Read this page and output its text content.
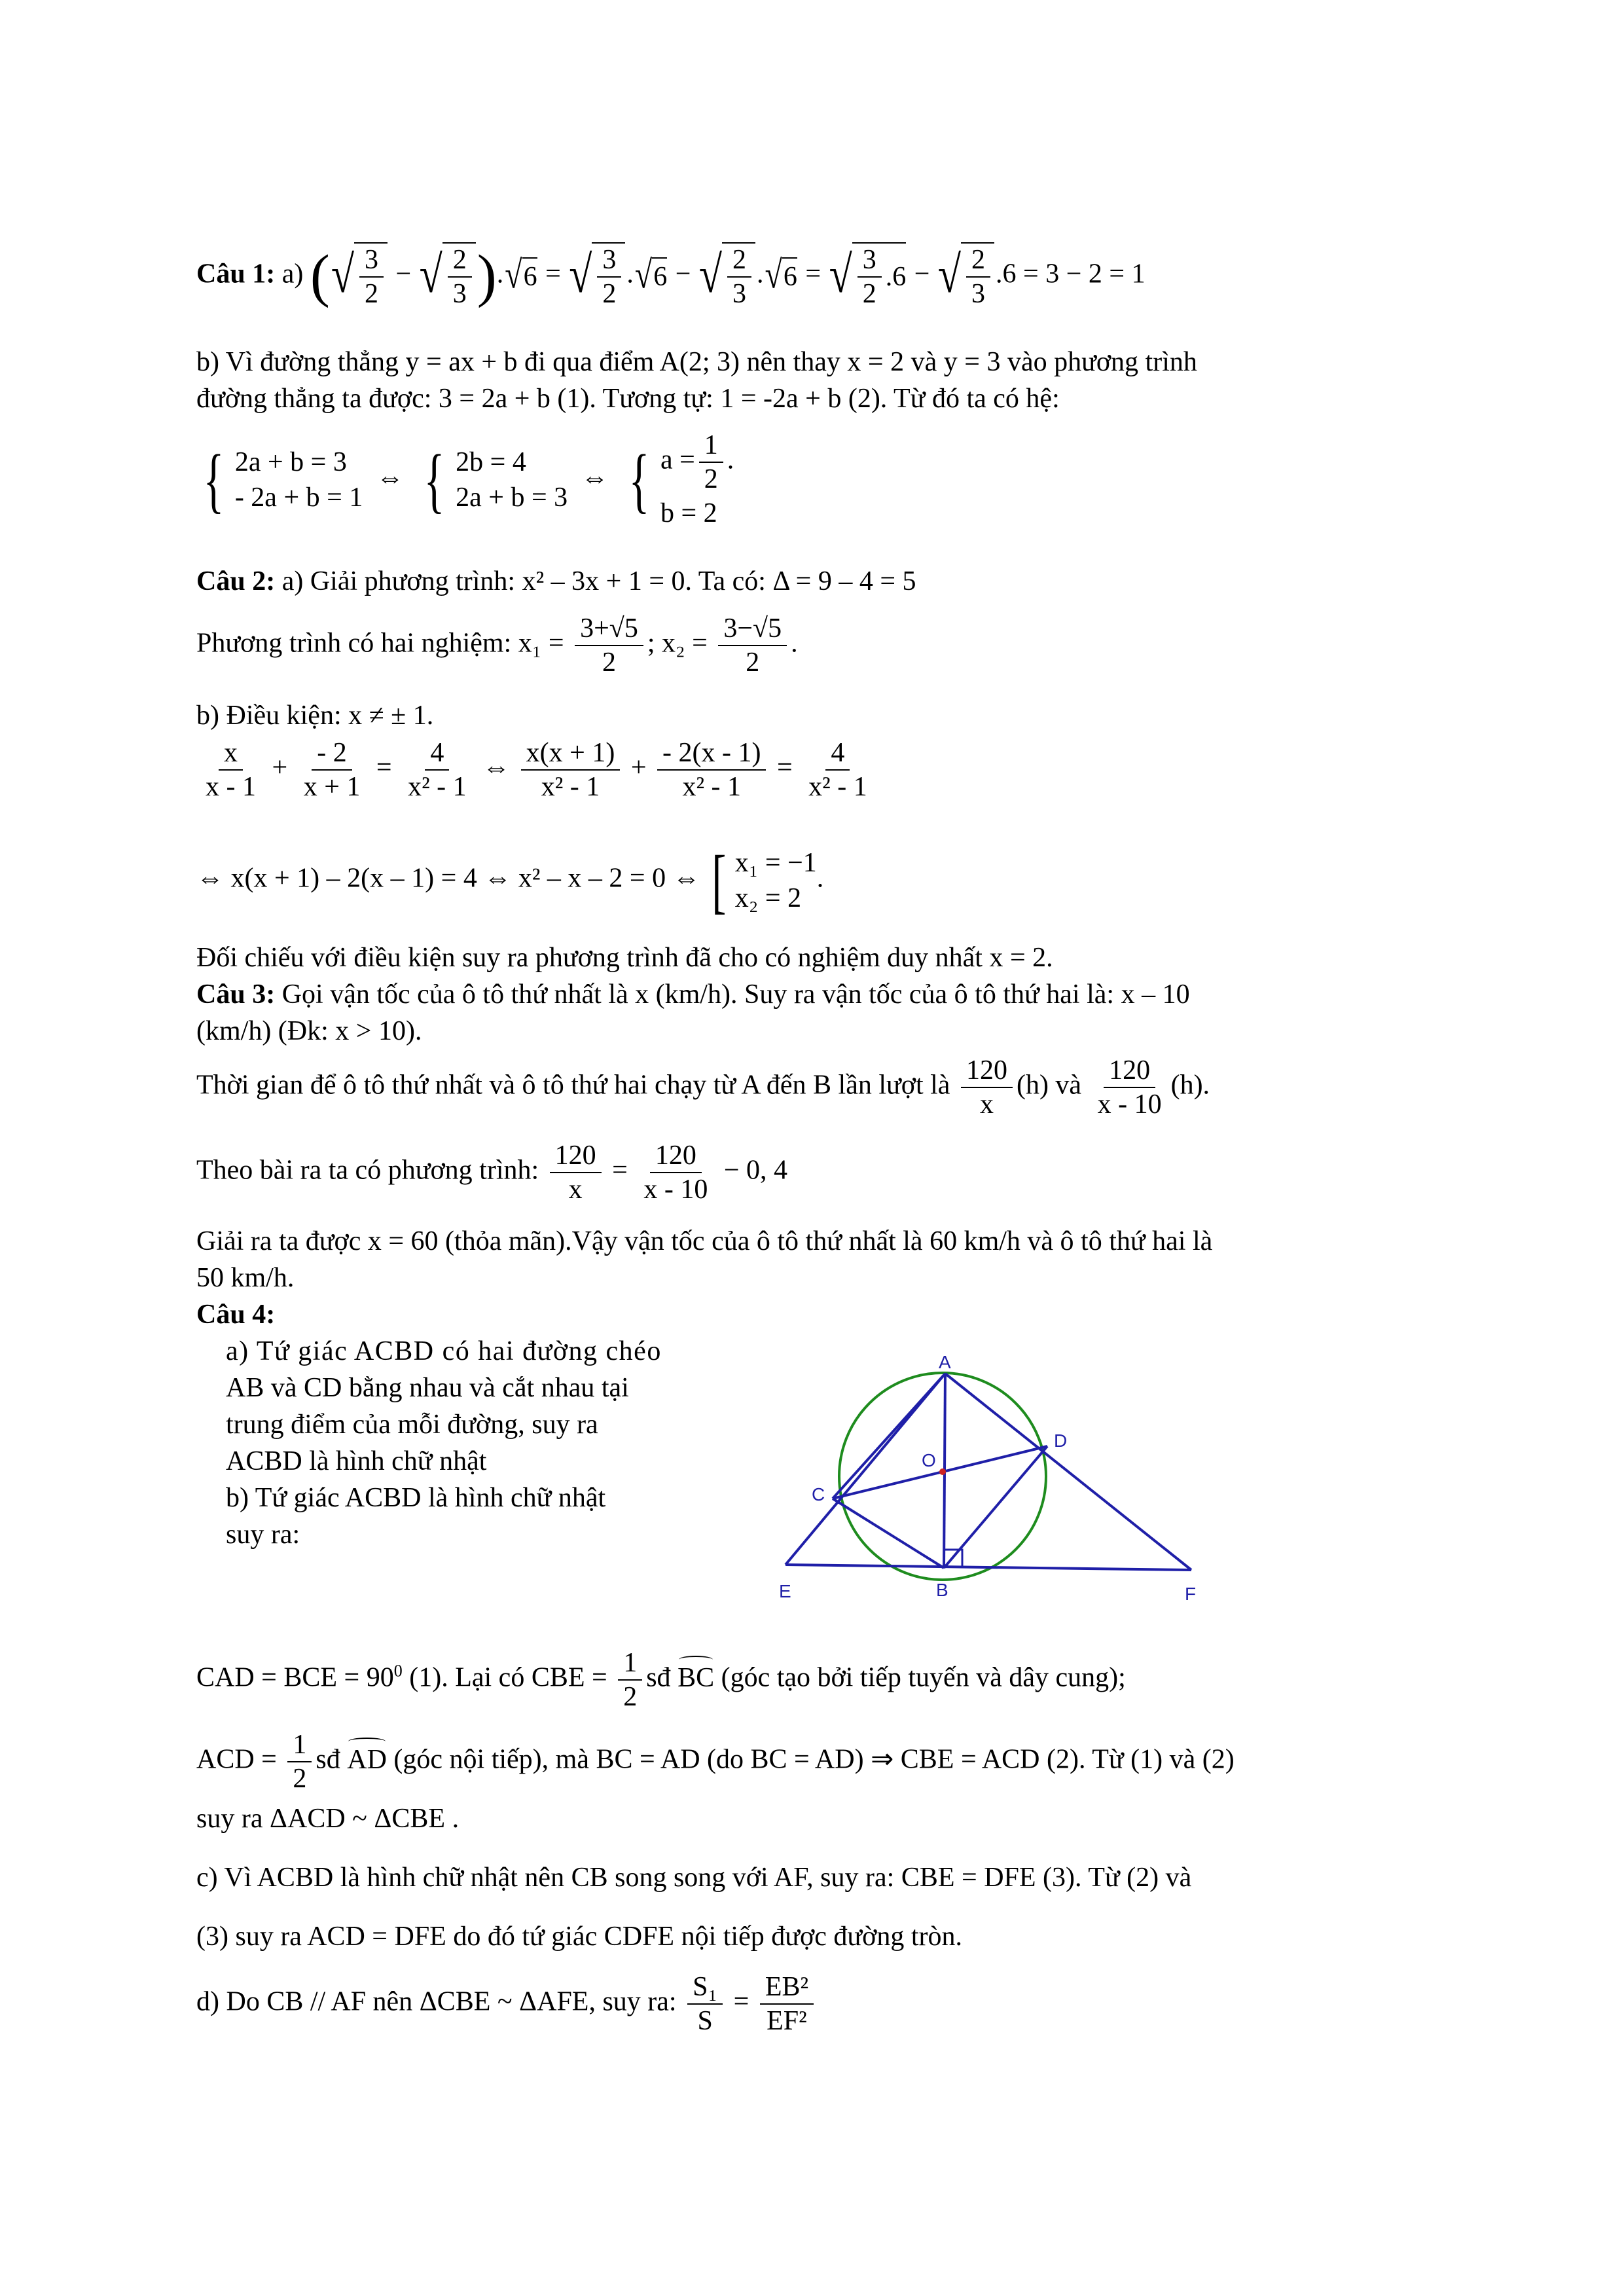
Câu 1: a) ( √ $\frac{3}{2}$ − √ $\frac{2}{3}$ ). √ 6 = √ $\frac{3}{2}$ . √ 6 − √ $\frac{2}{3}$ . √ 6 = √ $\frac{3}{2} .6$ − √ $\frac{2}{3} .6 = 3 - 2 = 1$
b) Vì đường thẳng y = ax + b đi qua điểm A(2; 3) nên thay x = 2 và y = 3 vào phương trình
đường thẳng ta được: 3 = 2a + b (1). Tương tự: 1 = -2a + b (2). Từ đó ta có hệ:
{ 2a + b = 3
- 2a + b = 1
⇔ { 2b = 4
2a + b = 3
⇔ { $a = \frac{1}{2}$ .
b = 2
Câu 2: a) Giải phương trình: x² – 3x + 1 = 0. Ta có: Δ = 9 – 4 = 5
Phương trình có hai nghiệm: $x_1 = \frac{3+√5}{2}$ ; $x_2 = \frac{3-√5}{2}$ .
b) Điều kiện: x ≠ ± 1.
$\frac{x}{x - 1} + \frac{- 2}{x + 1} = \frac{4}{\text{x² - 1}}$ ⇔ $\frac{x(x + 1)}{\text{x² - 1}} + \frac{- 2(x - 1)}{\text{x² - 1}} = \frac{4}{\text{x² - 1}}$
⇔ x(x + 1) – 2(x – 1) = 4 ⇔ x² – x – 2 = 0 ⇔ [ x₁ = −1
x₂ = 2
.
Đối chiếu với điều kiện suy ra phương trình đã cho có nghiệm duy nhất x = 2.
Câu 3: Gọi vận tốc của ô tô thứ nhất là x (km/h). Suy ra vận tốc của ô tô thứ hai là: x – 10
(km/h) (Đk: x > 10).
Thời gian để ô tô thứ nhất và ô tô thứ hai chạy từ A đến B lần lượt là $\frac{120}{x} (h)$ và $\frac{120}{x - 10} (h)$.
Theo bài ra ta có phương trình: $\frac{120}{x} = \frac{120}{x - 10} - 0$, 4
Giải ra ta được x = 60 (thỏa mãn).Vậy vận tốc của ô tô thứ nhất là 60 km/h và ô tô thứ hai là
50 km/h.
Câu 4:
a) Tứ giác ACBD có hai đường chéo
AB và CD bằng nhau và cắt nhau tại
trung điểm của mỗi đường, suy ra
ACBD là hình chữ nhật
b) Tứ giác ACBD là hình chữ nhật
suy ra:
A
B
C
D
E	F
O
CAD = BCE = $90^0$ (1). Lại có CBE = $\frac{1}{2}$ sđ BC (góc tạo bởi tiếp tuyến và dây cung);
ACD = $\frac{1}{2}$ sđ AD (góc nội tiếp), mà BC = AD (do BC = AD) ⇒ CBE = ACD (2). Từ (1) và (2)
suy ra ΔACD ~ ΔCBE .
c) Vì ACBD là hình chữ nhật nên CB song song với AF, suy ra: CBE = DFE (3). Từ (2) và
(3) suy ra ACD = DFE do đó tứ giác CDFE nội tiếp được đường tròn.
d) Do CB // AF nên ΔCBE ~ ΔAFE, suy ra: $\frac{\text{S₁}}{S} = \frac{\text{EB²}}{\text{EF²}}$
